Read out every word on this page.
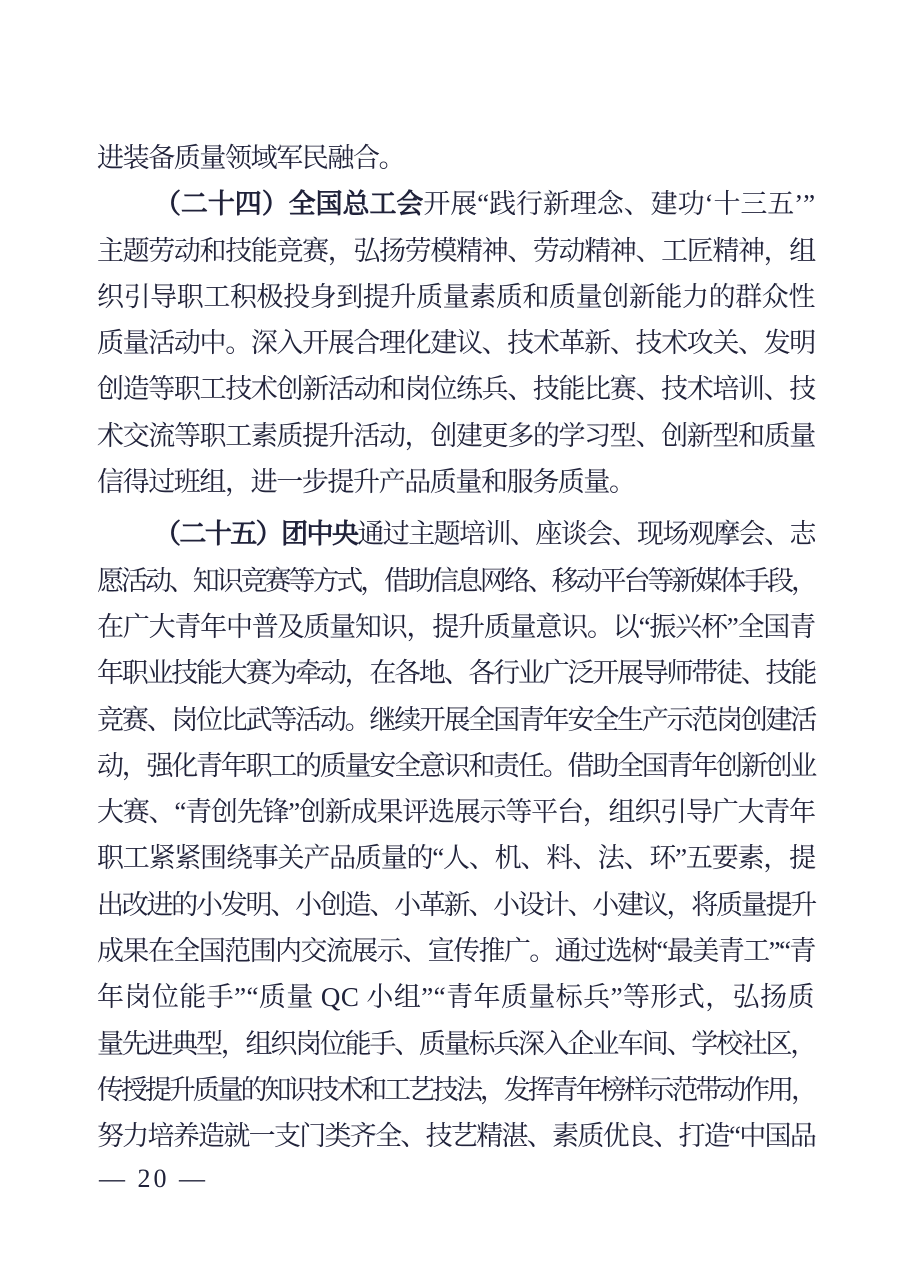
进装备质量领域军民融合。
（二十四）全国总工会开展“践行新理念、建功‘十三五’”
主题劳动和技能竞赛，弘扬劳模精神、劳动精神、工匠精神，组
织引导职工积极投身到提升质量素质和质量创新能力的群众性
质量活动中。深入开展合理化建议、技术革新、技术攻关、发明
创造等职工技术创新活动和岗位练兵、技能比赛、技术培训、技
术交流等职工素质提升活动，创建更多的学习型、创新型和质量
信得过班组，进一步提升产品质量和服务质量。
（二十五）团中央通过主题培训、座谈会、现场观摩会、志
愿活动、知识竞赛等方式，借助信息网络、移动平台等新媒体手段，
在广大青年中普及质量知识，提升质量意识。以“振兴杯”全国青
年职业技能大赛为牵动，在各地、各行业广泛开展导师带徒、技能
竞赛、岗位比武等活动。继续开展全国青年安全生产示范岗创建活
动，强化青年职工的质量安全意识和责任。借助全国青年创新创业
大赛、“青创先锋”创新成果评选展示等平台，组织引导广大青年
职工紧紧围绕事关产品质量的“人、机、料、法、环”五要素，提
出改进的小发明、小创造、小革新、小设计、小建议，将质量提升
成果在全国范围内交流展示、宣传推广。通过选树“最美青工”“青
年岗位能手”“质量 QC 小组”“青年质量标兵”等形式，弘扬质
量先进典型，组织岗位能手、质量标兵深入企业车间、学校社区，
传授提升质量的知识技术和工艺技法，发挥青年榜样示范带动作用，
努力培养造就一支门类齐全、技艺精湛、素质优良、打造“中国品
— 20 —
